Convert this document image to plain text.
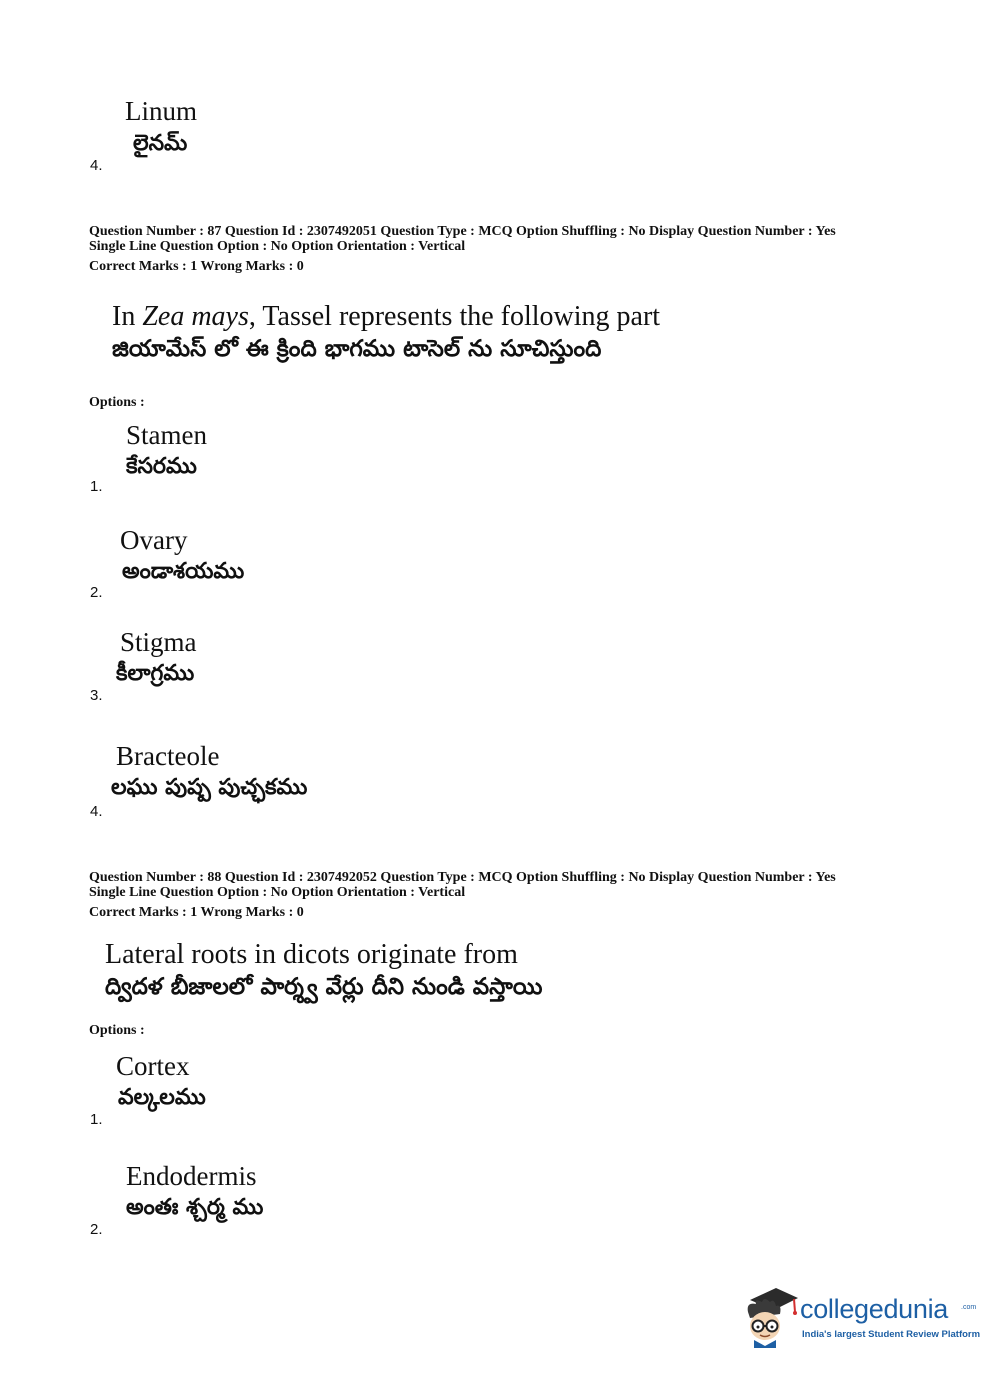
Linum
లైనమ్
4.
Question Number : 87 Question Id : 2307492051 Question Type : MCQ Option Shuffling : No Display Question Number : Yes
Single Line Question Option : No Option Orientation : Vertical
Correct Marks : 1 Wrong Marks : 0
In Zea mays, Tassel represents the following part
జియామేస్ లో ఈ క్రింది భాగము టాసెల్ ను సూచిస్తుంది
Options :
Stamen
కేసరము
1.
Ovary
అండాశయము
2.
Stigma
కీలాగ్రము
3.
Bracteole
లఘు పుష్ప పుచ్ఛకము
4.
Question Number : 88 Question Id : 2307492052 Question Type : MCQ Option Shuffling : No Display Question Number : Yes
Single Line Question Option : No Option Orientation : Vertical
Correct Marks : 1 Wrong Marks : 0
Lateral roots in dicots originate from
ద్విదళ బీజాలలో పార్శ్వ వేర్లు దీని నుండి వస్తాయి
Options :
Cortex
వల్కలము
1.
Endodermis
అంతః శ్చర్మ ము
2.
collegedunia .com
India's largest Student Review Platform
